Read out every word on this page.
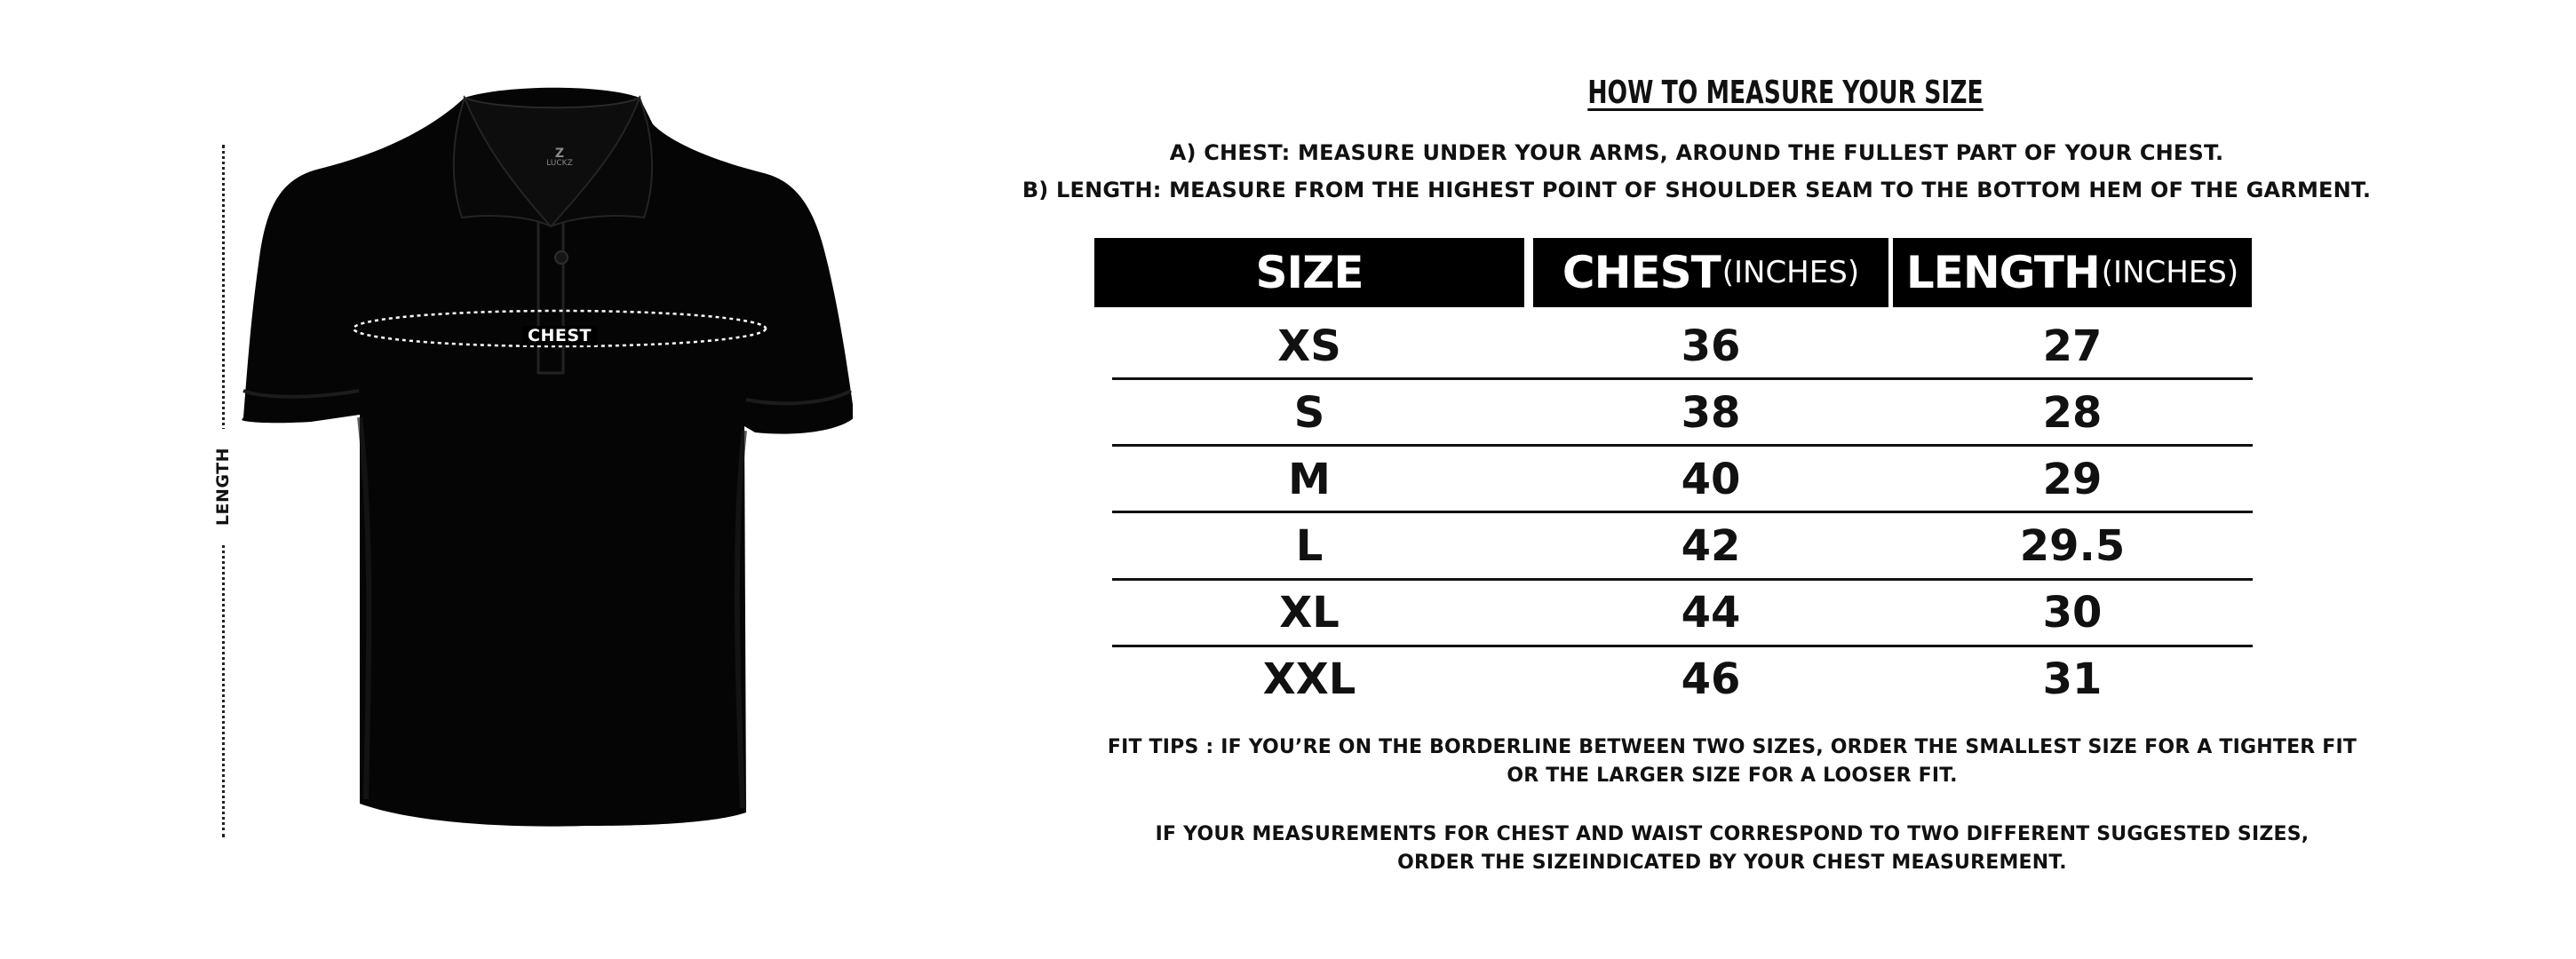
Z
LUCKZ
CHEST
LENGTH
HOW TO MEASURE YOUR SIZE
A) CHEST: MEASURE UNDER YOUR ARMS, AROUND THE FULLEST PART OF YOUR CHEST.
B) LENGTH: MEASURE FROM THE HIGHEST POINT OF SHOULDER SEAM TO THE BOTTOM HEM OF THE GARMENT.
SIZE	CHEST (INCHES) LENGTH (INCHES)
XS	36	27
S	38	28
M	40	29
L	42	29.5
XL	44	30
XXL	46	31
FIT TIPS : IF YOU’RE ON THE BORDERLINE BETWEEN TWO SIZES, ORDER THE SMALLEST SIZE FOR A TIGHTER FIT
OR THE LARGER SIZE FOR A LOOSER FIT.
IF YOUR MEASUREMENTS FOR CHEST AND WAIST CORRESPOND TO TWO DIFFERENT SUGGESTED SIZES,
ORDER THE SIZEINDICATED BY YOUR CHEST MEASUREMENT.
